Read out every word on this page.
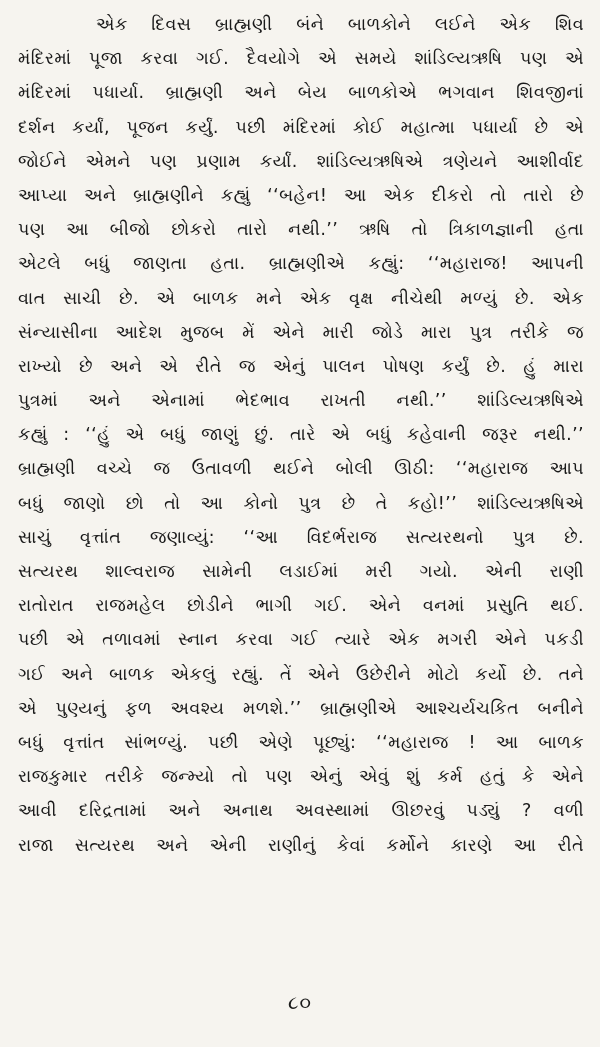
એક દિવસ બ્રાહ્મણી બંને બાળકોને લઈને એક શિવ
મંદિરમાં પૂજા કરવા ગઈ. દૈવયોગે એ સમયે શાંડિલ્યઋષિ પણ એ
મંદિરમાં પધાર્યા. બ્રાહ્મણી અને બેય બાળકોએ ભગવાન શિવજીનાં
દર્શન કર્યાં, પૂજન કર્યું. પછી મંદિરમાં કોઈ મહાત્મા પધાર્યા છે એ
જોઈને એમને પણ પ્રણામ કર્યાં. શાંડિલ્યઋષિએ ત્રણેયને આશીર્વાદ
આપ્યા અને બ્રાહ્મણીને કહ્યું ‘‘બહેન! આ એક દીકરો તો તારો છે
પણ આ બીજો છોકરો તારો નથી.’’ ઋષિ તો ત્રિકાળજ્ઞાની હતા
એટલે બધું જાણતા હતા. બ્રાહ્મણીએ કહ્યું: ‘‘મહારાજ! આપની
વાત સાચી છે. એ બાળક મને એક વૃક્ષ નીચેથી મળ્યું છે. એક
સંન્યાસીના આદેશ મુજબ મેં એને મારી જોડે મારા પુત્ર તરીકે જ
રાખ્યો છે અને એ રીતે જ એનું પાલન પોષણ કર્યું છે. હું મારા
પુત્રમાં અને એનામાં ભેદભાવ રાખતી નથી.’’ શાંડિલ્યઋષિએ
કહ્યું : ‘‘હું એ બધું જાણું છું. તારે એ બધું કહેવાની જરૂર નથી.’’
બ્રાહ્મણી વચ્ચે જ ઉતાવળી થઈને બોલી ઊઠી: ‘‘મહારાજ આપ
બધું જાણો છો તો આ કોનો પુત્ર છે તે કહો!’’ શાંડિલ્યઋષિએ
સાચું વૃત્તાંત જણાવ્યું: ‘‘આ વિદર્ભરાજ સત્યરથનો પુત્ર છે.
સત્યરથ શાલ્વરાજ સામેની લડાઈમાં મરી ગયો. એની રાણી
રાતોરાત રાજમહેલ છોડીને ભાગી ગઈ. એને વનમાં પ્રસુતિ થઈ.
પછી એ તળાવમાં સ્નાન કરવા ગઈ ત્યારે એક મગરી એને પકડી
ગઈ અને બાળક એકલું રહ્યું. તેં એને ઉછેરીને મોટો કર્યો છે. તને
એ પુણ્યનું ફળ અવશ્ય મળશે.’’ બ્રાહ્મણીએ આશ્ચર્યચકિત બનીને
બધું વૃત્તાંત સાંભળ્યું. પછી એણે પૂછ્યું: ‘‘મહારાજ ! આ બાળક
રાજકુમાર તરીકે જન્મ્યો તો પણ એનું એવું શું કર્મ હતું કે એને
આવી દરિદ્રતામાં અને અનાથ અવસ્થામાં ઊછરવું પડ્યું ? વળી
રાજા સત્યરથ અને એની રાણીનું કેવાં કર્મોને કારણે આ રીતે
૮૦
